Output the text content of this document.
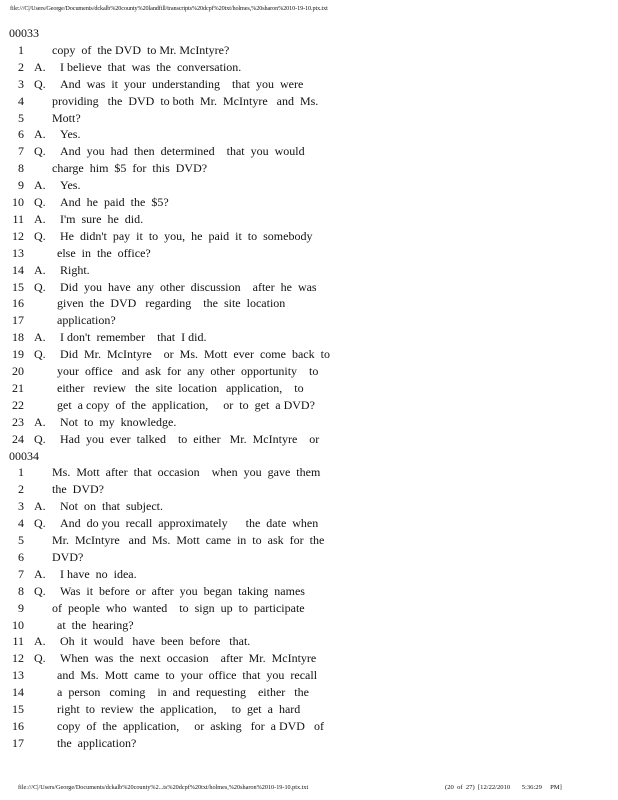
file:///C|/Users/George/Documents/dckalb%20county%20landfill/transcripts%20dcpf%20txt/holmes,%20sharon%2010-19-10.ptx.txt
00033
1 copy  of  the DVD  to Mr. McIntyre?
2 A. I believe  that  was  the  conversation.
3 Q. And  was  it  your  understanding    that  you  were
4 providing   the  DVD  to both  Mr.  McIntyre   and  Ms.
5 Mott?
6 A. Yes.
7 Q. And  you  had  then  determined    that  you  would
8 charge  him  $5  for  this  DVD?
9 A. Yes.
10 Q. And  he  paid  the  $5?
11 A. I'm  sure  he  did.
12 Q. He  didn't  pay  it  to  you,  he  paid  it  to  somebody
13	else  in  the  office?
14 A. Right.
15 Q. Did  you  have  any  other  discussion    after  he  was
16	given  the  DVD   regarding    the  site  location
17	application?
18 A. I don't  remember    that  I did.
19 Q. Did  Mr.  McIntyre    or  Ms.  Mott  ever  come  back  to
20	your  office   and  ask  for  any  other  opportunity    to
21	either   review   the  site  location   application,    to
22	get  a copy  of  the  application,     or  to  get  a DVD?
23 A. Not  to  my  knowledge.
24 Q. Had  you  ever  talked    to  either   Mr.  McIntyre    or
00034
1 Ms.  Mott  after  that  occasion    when  you  gave  them
2 the  DVD?
3 A. Not  on  that  subject.
4 Q. And  do you  recall  approximately      the  date  when
5 Mr.  McIntyre   and  Ms.  Mott  came  in  to  ask  for  the
6 DVD?
7 A. I have  no  idea.
8 Q. Was  it  before  or  after  you  began  taking  names
9 of  people  who  wanted    to  sign  up  to  participate
10	at  the  hearing?
11 A. Oh  it  would   have  been  before   that.
12 Q. When  was  the  next  occasion    after  Mr.  McIntyre
13	and  Ms.  Mott  came  to  your  office  that  you  recall
14	a  person   coming    in  and  requesting    either   the
15	right  to  review  the  application,     to  get  a  hard
16	copy  of  the  application,     or  asking   for  a DVD   of
17	the  application?
file:///C|/Users/George/Documents/dckalb%20county%2...ts%20dcpf%20txt/holmes,%20sharon%2010-19-10.ptx.txt	(20  of  27)  [12/22/2010       5:36:29     PM]
